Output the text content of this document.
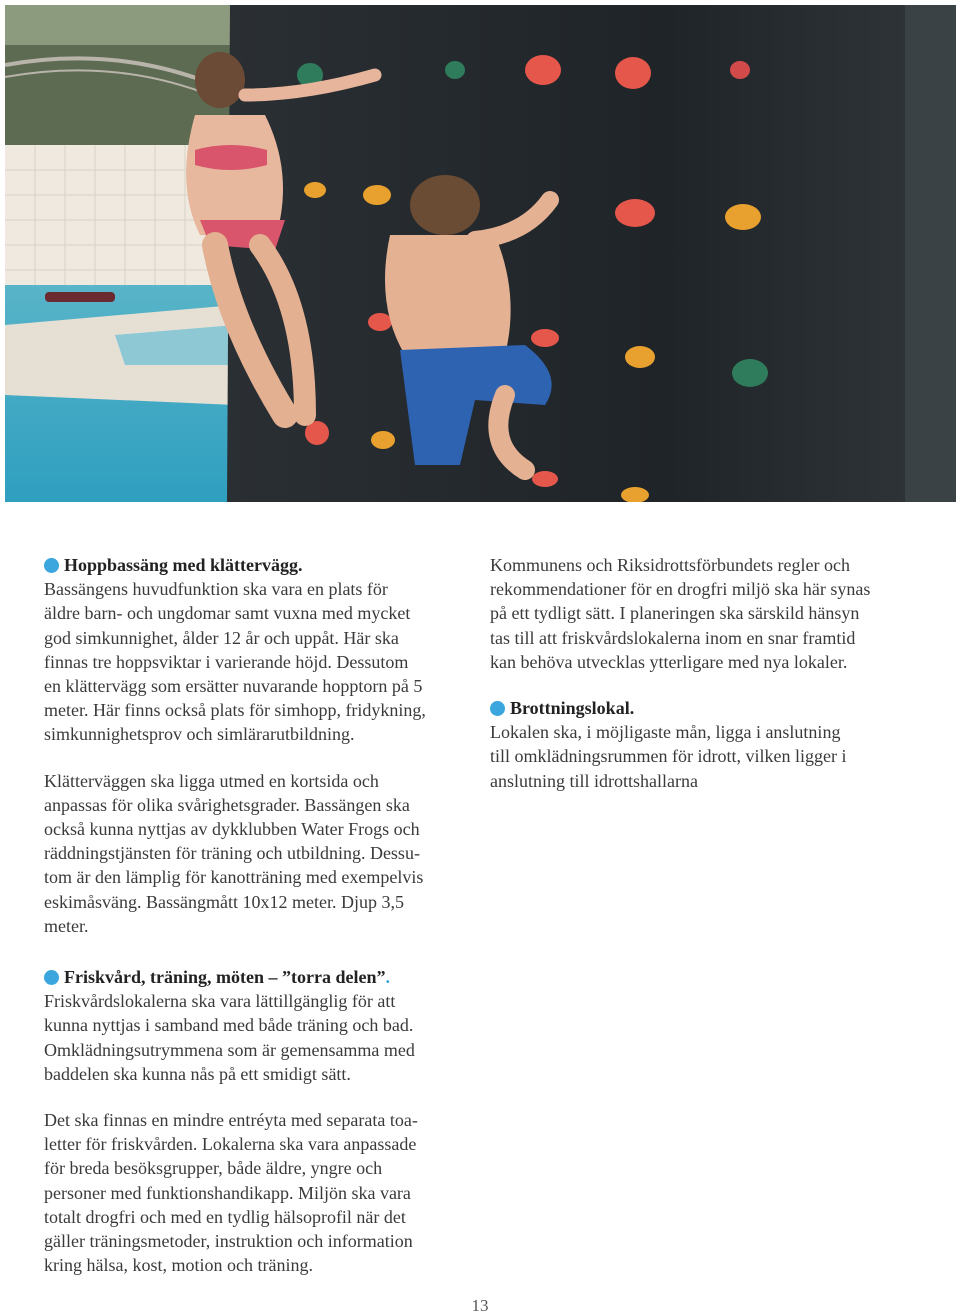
Hoppbassäng med klättervägg.

Bassängens huvudfunktion ska vara en plats för

äldre barn- och ungdomar samt vuxna med mycket

god simkunnighet, ålder 12 år och uppåt. Här ska

finnas tre hoppsviktar i varierande höjd. Dessutom

en klättervägg som ersätter nuvarande hopptorn på 5

meter. Här finns också plats för simhopp, fridykning,

simkunnighetsprov och simlärarutbildning.

Klätterväggen ska ligga utmed en kortsida och

anpassas för olika svårighetsgrader. Bassängen ska

också kunna nyttjas av dykklubben Water Frogs och

räddningstjänsten för träning och utbildning. Dessu-

tom är den lämplig för kanotträning med exempelvis

eskimåsväng. Bassängmått 10x12 meter. Djup 3,5

meter.

Friskvård, träning, möten – ”torra delen” .

Friskvårdslokalerna ska vara lättillgänglig för att

kunna nyttjas i samband med både träning och bad.

Omklädningsutrymmena som är gemensamma med

baddelen ska kunna nås på ett smidigt sätt.

Det ska finnas en mindre entréyta med separata toa-

letter för friskvården. Lokalerna ska vara anpassade

för breda besöksgrupper, både äldre, yngre och

personer med funktionshandikapp. Miljön ska vara

totalt drogfri och med en tydlig hälsoprofil när det

gäller träningsmetoder, instruktion och information

kring hälsa, kost, motion och träning.

Kommunens och Riksidrottsförbundets regler och

rekommendationer för en drogfri miljö ska här synas

på ett tydligt sätt. I planeringen ska särskild hänsyn

tas till att friskvårdslokalerna inom en snar framtid

kan behöva utvecklas ytterligare med nya lokaler.

Brottningslokal.

Lokalen ska, i möjligaste mån, ligga i anslutning

till omklädningsrummen för idrott, vilken ligger i

anslutning till idrottshallarna

13
